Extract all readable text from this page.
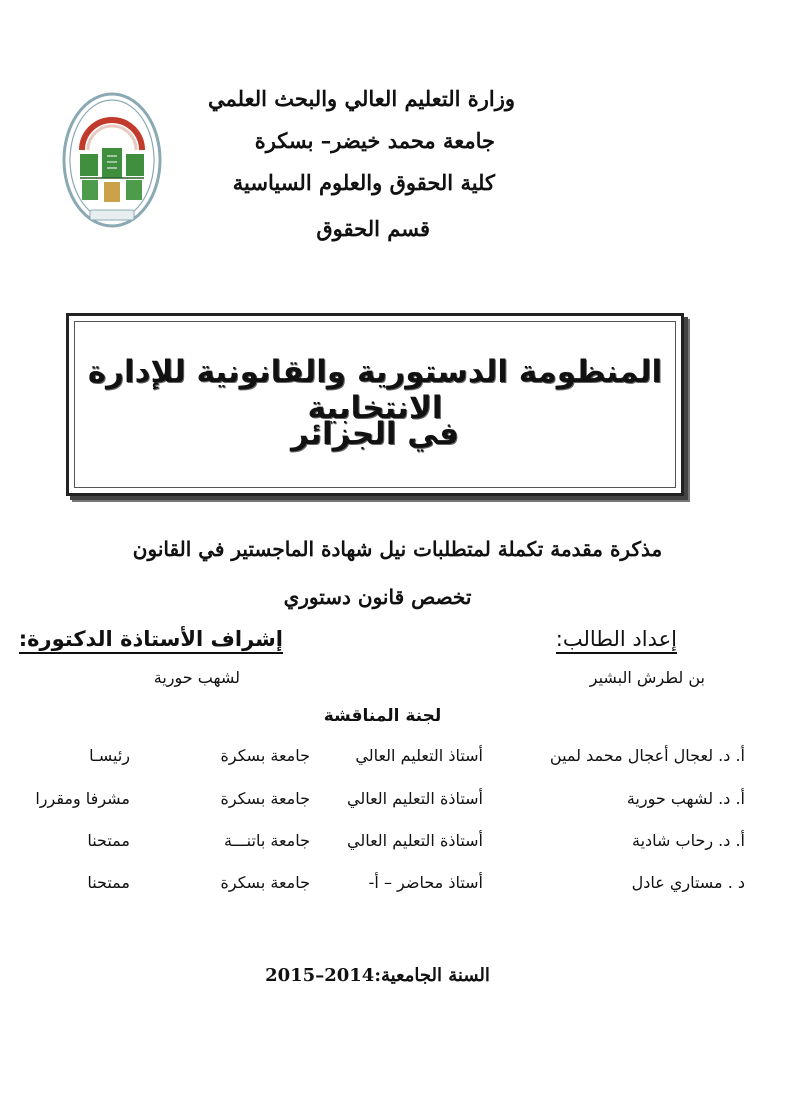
وزارة التعليم العالي والبحث العلمي
جامعة محمد خيضر– بسكرة
كلية الحقوق والعلوم السياسية
قسم الحقوق
المنظومة الدستورية والقانونية للإدارة الانتخابية
في الجزائر
مذكرة مقدمة تكملة لمتطلبات نيل شهادة الماجستير في القانون
تخصص قانون دستوري
إعداد الطالب:
بن لطرش البشير
إشراف الأستاذة الدكتورة:
لشهب حورية
لجنة المناقشة
أ. د. لعجال أعجال محمد لمين
أستاذ التعليم العالي
جامعة بسكرة
رئيسـا
أ. د. لشهب حورية
أستاذة التعليم العالي
جامعة بسكرة
مشرفا ومقررا
أ. د. رحاب شادية
أستاذة التعليم العالي
جامعة باتنـــة
ممتحنا
د . مستاري عادل
أستاذ محاضر – أ-
جامعة بسكرة
ممتحنا
السنة الجامعية:2014–2015
